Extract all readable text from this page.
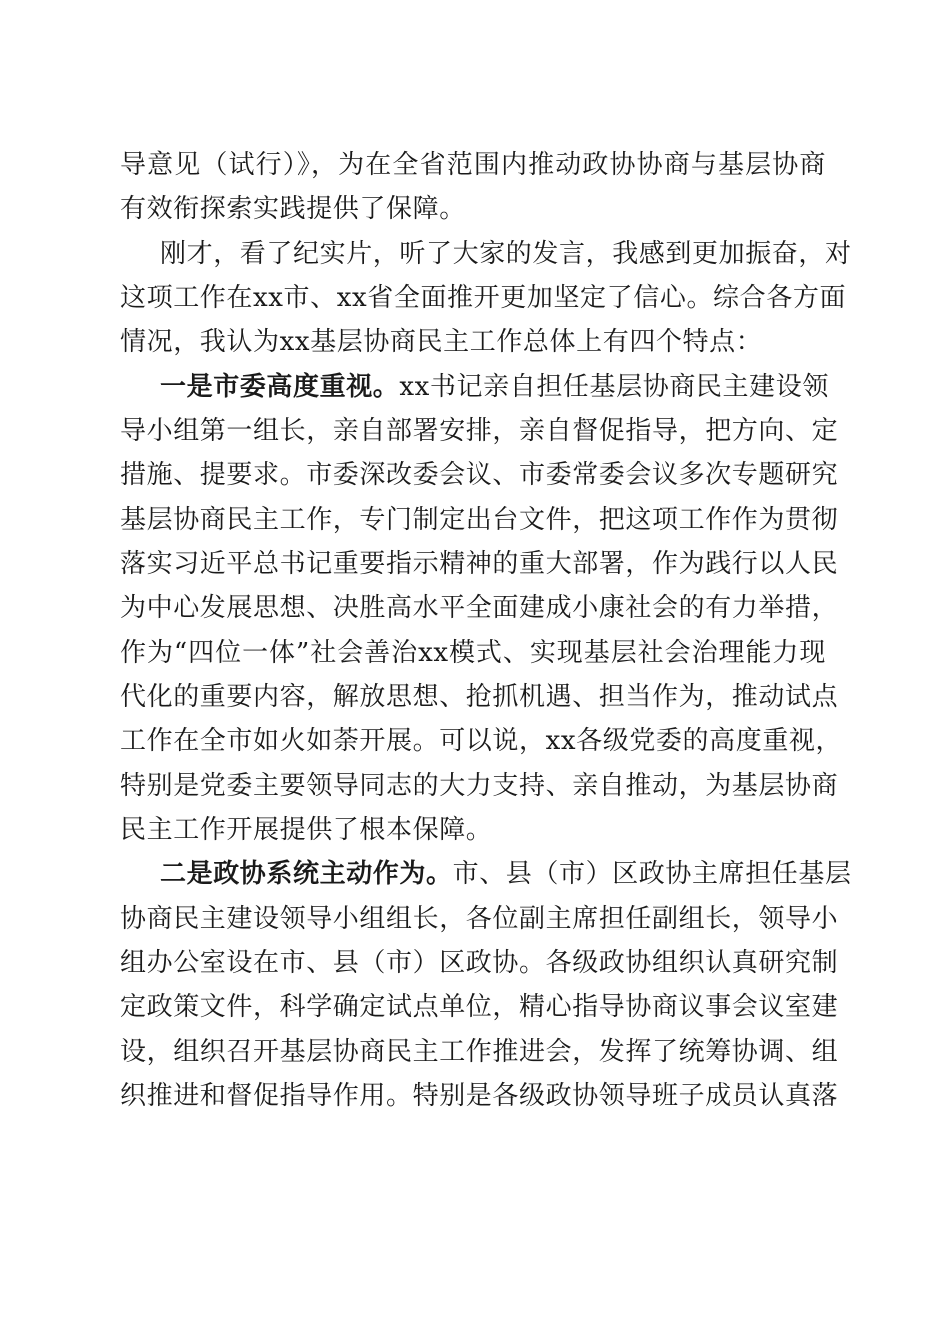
导意见（试行）》，为在全省范围内推动政协协商与基层协商
有效衔探索实践提供了保障。
刚才，看了纪实片，听了大家的发言，我感到更加振奋，对
这项工作在xx市、xx省全面推开更加坚定了信心。综合各方面
情况，我认为xx基层协商民主工作总体上有四个特点：
一是市委高度重视。xx书记亲自担任基层协商民主建设领
导小组第一组长，亲自部署安排，亲自督促指导，把方向、定
措施、提要求。市委深改委会议、市委常委会议多次专题研究
基层协商民主工作，专门制定出台文件，把这项工作作为贯彻
落实习近平总书记重要指示精神的重大部署，作为践行以人民
为中心发展思想、决胜高水平全面建成小康社会的有力举措，
作为“四位一体”社会善治xx模式、实现基层社会治理能力现
代化的重要内容，解放思想、抢抓机遇、担当作为，推动试点
工作在全市如火如荼开展。可以说，xx各级党委的高度重视，
特别是党委主要领导同志的大力支持、亲自推动，为基层协商
民主工作开展提供了根本保障。
二是政协系统主动作为。市、县（市）区政协主席担任基层
协商民主建设领导小组组长，各位副主席担任副组长，领导小
组办公室设在市、县（市）区政协。各级政协组织认真研究制
定政策文件，科学确定试点单位，精心指导协商议事会议室建
设，组织召开基层协商民主工作推进会，发挥了统筹协调、组
织推进和督促指导作用。特别是各级政协领导班子成员认真落
